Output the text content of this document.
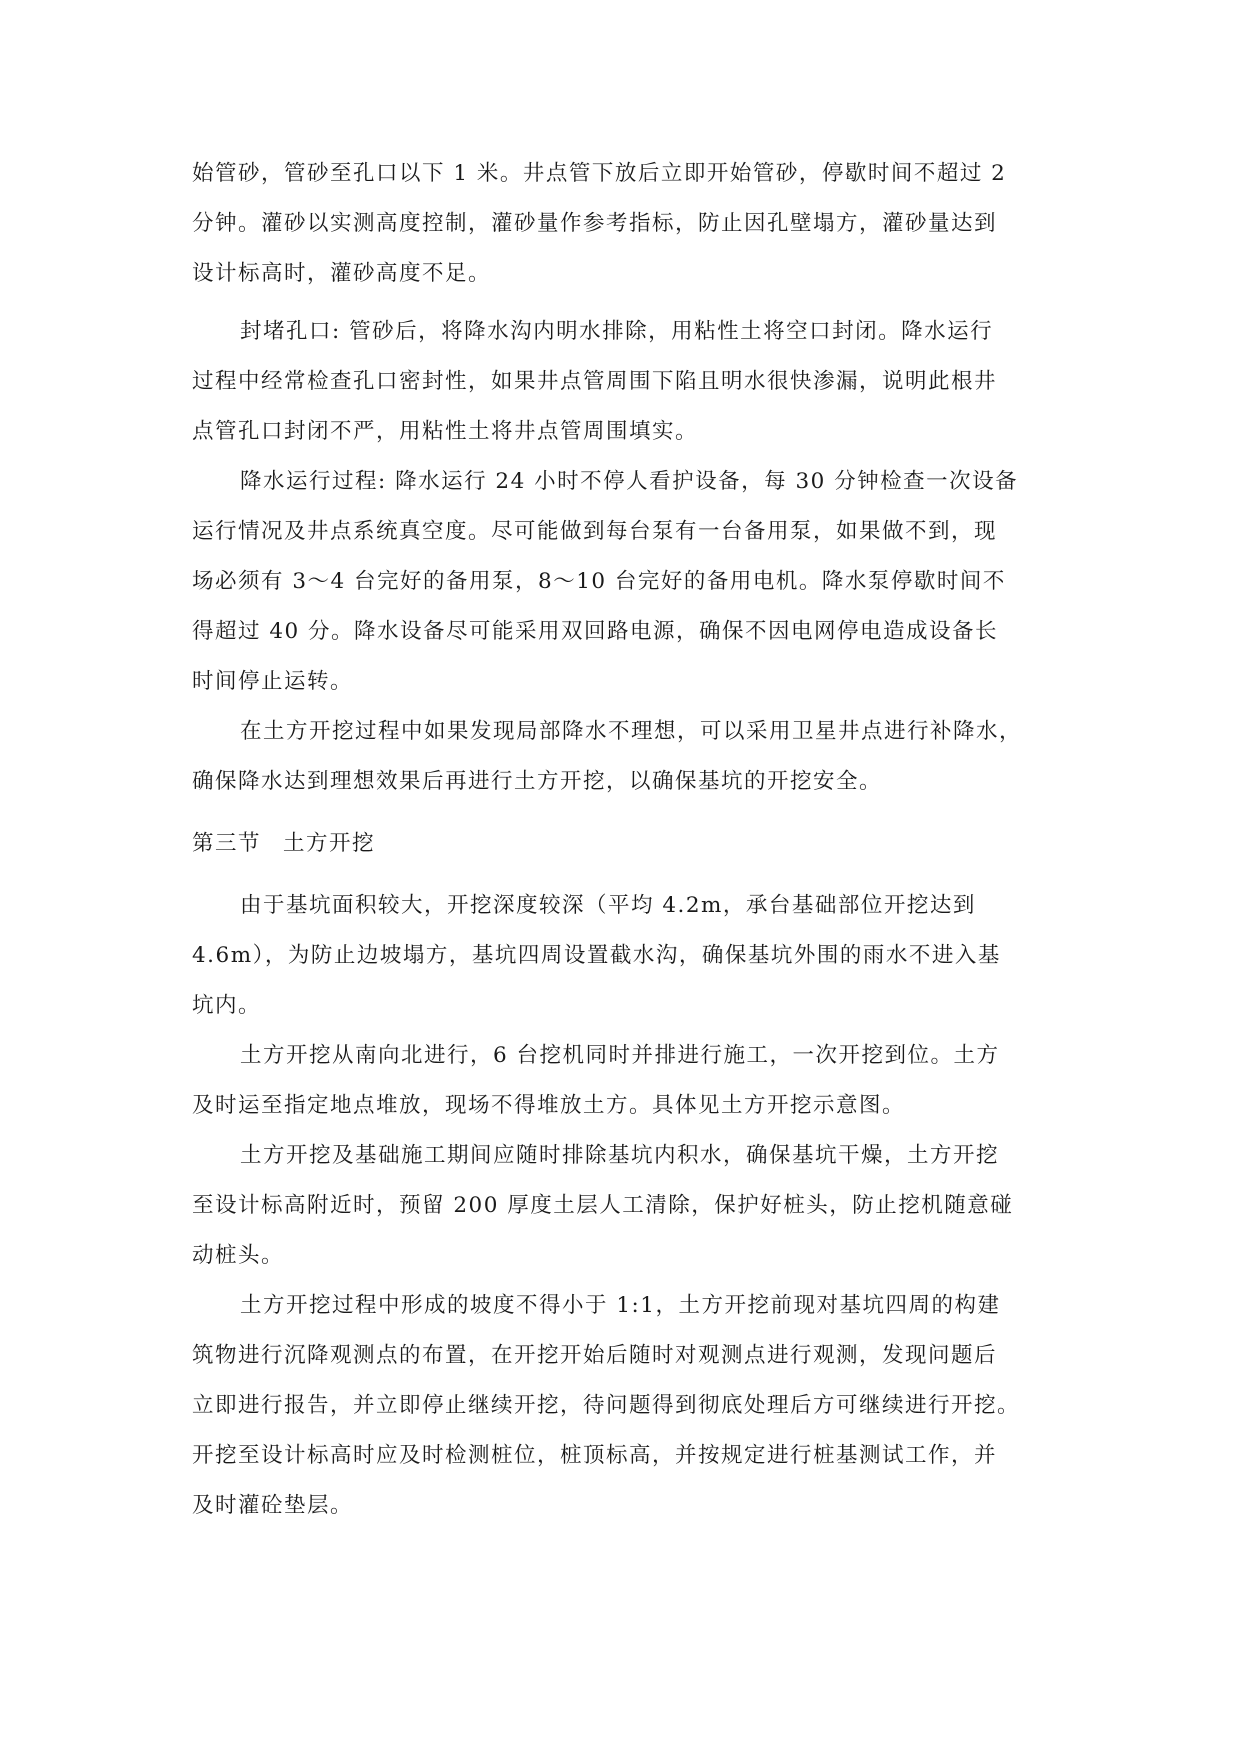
始管砂，管砂至孔口以下 1 米。井点管下放后立即开始管砂，停歇时间不超过 2
分钟。灌砂以实测高度控制，灌砂量作参考指标，防止因孔壁塌方，灌砂量达到
设计标高时，灌砂高度不足。
封堵孔口: 管砂后，将降水沟内明水排除，用粘性土将空口封闭。降水运行
过程中经常检查孔口密封性，如果井点管周围下陷且明水很快渗漏，说明此根井
点管孔口封闭不严，用粘性土将井点管周围填实。
降水运行过程: 降水运行 24 小时不停人看护设备，每 30 分钟检查一次设备
运行情况及井点系统真空度。尽可能做到每台泵有一台备用泵，如果做不到，现
场必须有 3～4 台完好的备用泵，8～10 台完好的备用电机。降水泵停歇时间不
得超过 40 分。降水设备尽可能采用双回路电源，确保不因电网停电造成设备长
时间停止运转。
在土方开挖过程中如果发现局部降水不理想，可以采用卫星井点进行补降水，
确保降水达到理想效果后再进行土方开挖，以确保基坑的开挖安全。
第三节 土方开挖
由于基坑面积较大，开挖深度较深（平均 4.2m，承台基础部位开挖达到
4.6m），为防止边坡塌方，基坑四周设置截水沟，确保基坑外围的雨水不进入基
坑内。
土方开挖从南向北进行，6 台挖机同时并排进行施工，一次开挖到位。土方
及时运至指定地点堆放，现场不得堆放土方。具体见土方开挖示意图。
土方开挖及基础施工期间应随时排除基坑内积水，确保基坑干燥，土方开挖
至设计标高附近时，预留 200 厚度土层人工清除，保护好桩头，防止挖机随意碰
动桩头。
土方开挖过程中形成的坡度不得小于 1:1，土方开挖前现对基坑四周的构建
筑物进行沉降观测点的布置，在开挖开始后随时对观测点进行观测，发现问题后
立即进行报告，并立即停止继续开挖，待问题得到彻底处理后方可继续进行开挖。
开挖至设计标高时应及时检测桩位，桩顶标高，并按规定进行桩基测试工作，并
及时灌砼垫层。
